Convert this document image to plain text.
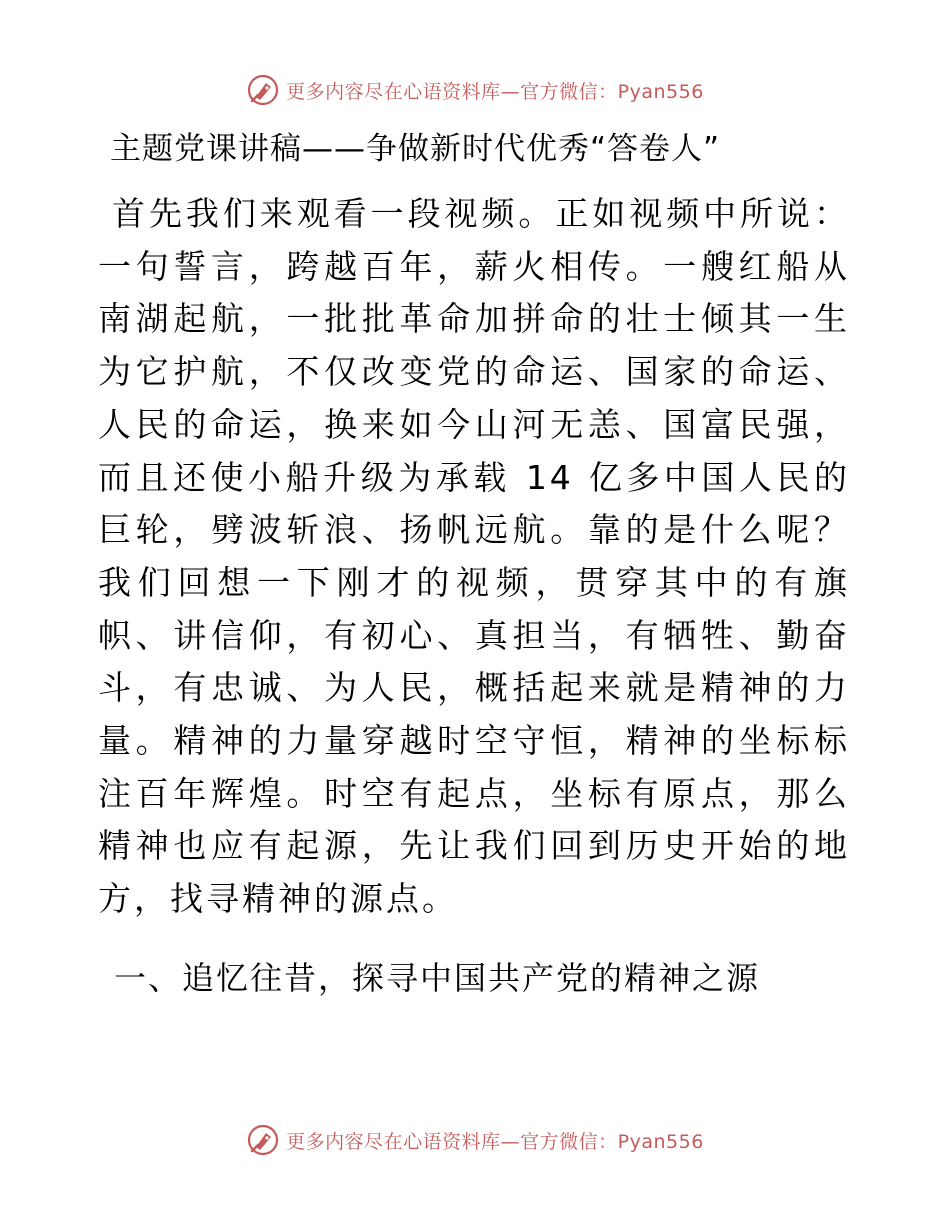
更多内容尽在心语资料库—官方微信：Pyan556
主题党课讲稿——争做新时代优秀“答卷人”

首先我们来观看一段视频。正如视频中所说：一句誓言，跨越百年，薪火相传。一艘红船从南湖起航，一批批革命加拼命的壮士倾其一生为它护航，不仅改变党的命运、国家的命运、人民的命运，换来如今山河无恙、国富民强，而且还使小船升级为承载 14 亿多中国人民的巨轮，劈波斩浪、扬帆远航。靠的是什么呢？我们回想一下刚才的视频，贯穿其中的有旗帜、讲信仰，有初心、真担当，有牺牲、勤奋斗，有忠诚、为人民，概括起来就是精神的力量。精神的力量穿越时空守恒，精神的坐标标注百年辉煌。时空有起点，坐标有原点，那么精神也应有起源，先让我们回到历史开始的地方，找寻精神的源点。

一、追忆往昔，探寻中国共产党的精神之源
更多内容尽在心语资料库—官方微信：Pyan556
